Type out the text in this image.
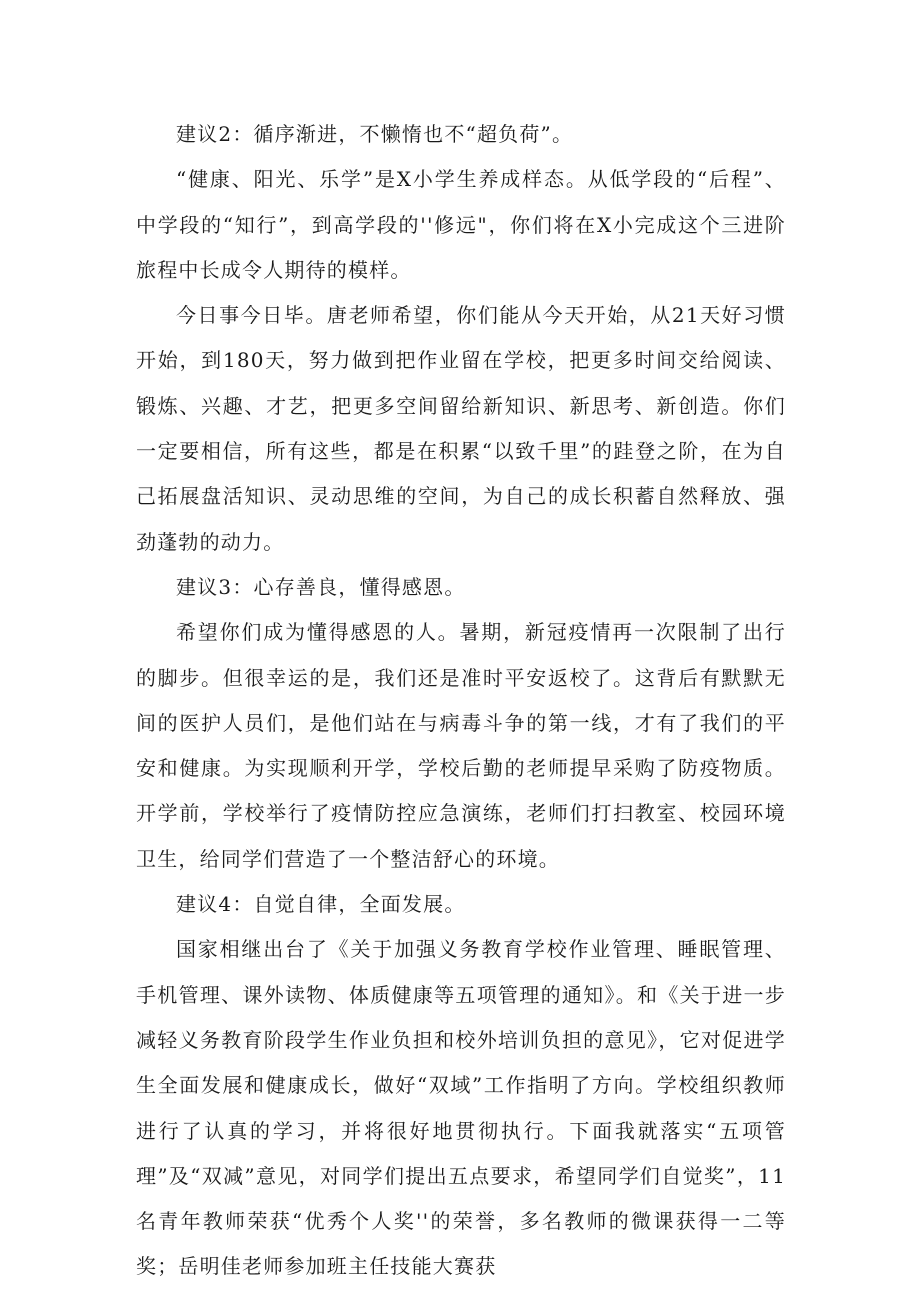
建议2：循序渐进，不懒惰也不“超负荷”。

“健康、阳光、乐学”是X小学生养成样态。从低学段的“后程”、中学段的“知行”，到高学段的''修远"，你们将在X小完成这个三进阶旅程中长成令人期待的模样。

今日事今日毕。唐老师希望，你们能从今天开始，从21天好习惯开始，到180天，努力做到把作业留在学校，把更多时间交给阅读、锻炼、兴趣、才艺，把更多空间留给新知识、新思考、新创造。你们一定要相信，所有这些，都是在积累“以致千里”的跬登之阶，在为自己拓展盘活知识、灵动思维的空间，为自己的成长积蓄自然释放、强劲蓬勃的动力。

建议3：心存善良，懂得感恩。

希望你们成为懂得感恩的人。暑期，新冠疫情再一次限制了出行的脚步。但很幸运的是，我们还是准时平安返校了。这背后有默默无间的医护人员们，是他们站在与病毒斗争的第一线，才有了我们的平安和健康。为实现顺利开学，学校后勤的老师提早采购了防疫物质。开学前，学校举行了疫情防控应急演练，老师们打扫教室、校园环境卫生，给同学们营造了一个整洁舒心的环境。

建议4：自觉自律，全面发展。

国家相继出台了《关于加强义务教育学校作业管理、睡眠管理、手机管理、课外读物、体质健康等五项管理的通知》。和《关于进一步减轻义务教育阶段学生作业负担和校外培训负担的意见》，它对促进学生全面发展和健康成长，做好“双域”工作指明了方向。学校组织教师进行了认真的学习，并将很好地贯彻执行。下面我就落实“五项管理”及“双减”意见，对同学们提出五点要求，希望同学们自觉奖”，11名青年教师荣获“优秀个人奖''的荣誉，多名教师的微课获得一二等奖；岳明佳老师参加班主任技能大赛获
